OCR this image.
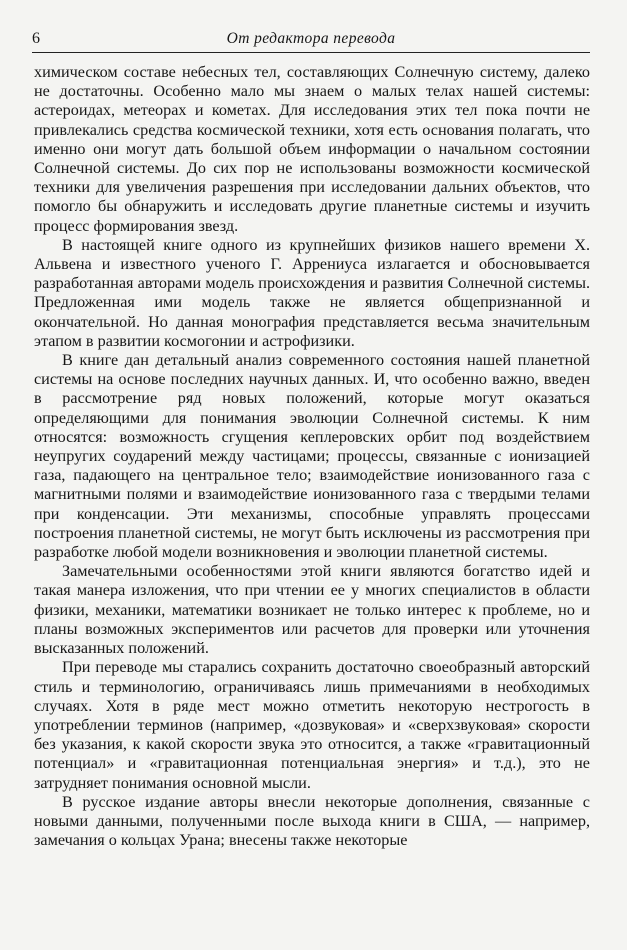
6	От редактора перевода

химическом составе небесных тел, составляющих Солнечную систему, далеко не достаточны. Особенно мало мы знаем о малых телах нашей системы: астероидах, метеорах и кометах. Для исследования этих тел пока почти не привлекались средства космической техники, хотя есть основания полагать, что именно они могут дать большой объем информации о начальном состоянии Солнечной системы. До сих пор не использованы возможности космической техники для увеличения разрешения при исследовании дальних объектов, что помогло бы обнаружить и исследовать другие планетные системы и изучить процесс формирования звезд.

В настоящей книге одного из крупнейших физиков нашего времени Х. Альвена и известного ученого Г. Аррениуса излагается и обосновывается разработанная авторами модель происхождения и развития Солнечной системы. Предложенная ими модель также не является общепризнанной и окончательной. Но данная монография представляется весьма значительным этапом в развитии космогонии и астрофизики.

В книге дан детальный анализ современного состояния нашей планетной системы на основе последних научных данных. И, что особенно важно, введен в рассмотрение ряд новых положений, которые могут оказаться определяющими для понимания эволюции Солнечной системы. К ним относятся: возможность сгущения кеплеровских орбит под воздействием неупругих соударений между частицами; процессы, связанные с ионизацией газа, падающего на центральное тело; взаимодействие ионизованного газа с магнитными полями и взаимодействие ионизованного газа с твердыми телами при конденсации. Эти механизмы, способные управлять процессами построения планетной системы, не могут быть исключены из рассмотрения при разработке любой модели возникновения и эволюции планетной системы.

Замечательными особенностями этой книги являются богатство идей и такая манера изложения, что при чтении ее у многих специалистов в области физики, механики, математики возникает не только интерес к проблеме, но и планы возможных экспериментов или расчетов для проверки или уточнения высказанных положений.

При переводе мы старались сохранить достаточно своеобразный авторский стиль и терминологию, ограничиваясь лишь примечаниями в необходимых случаях. Хотя в ряде мест можно отметить некоторую нестрогость в употреблении терминов (например, «дозвуковая» и «сверхзвуковая» скорости без указания, к какой скорости звука это относится, а также «гравитационный потенциал» и «гравитационная потенциальная энергия» и т.д.), это не затрудняет понимания основной мысли.

В русское издание авторы внесли некоторые дополнения, связанные с новыми данными, полученными после выхода книги в США, — например, замечания о кольцах Урана; внесены также некоторые
